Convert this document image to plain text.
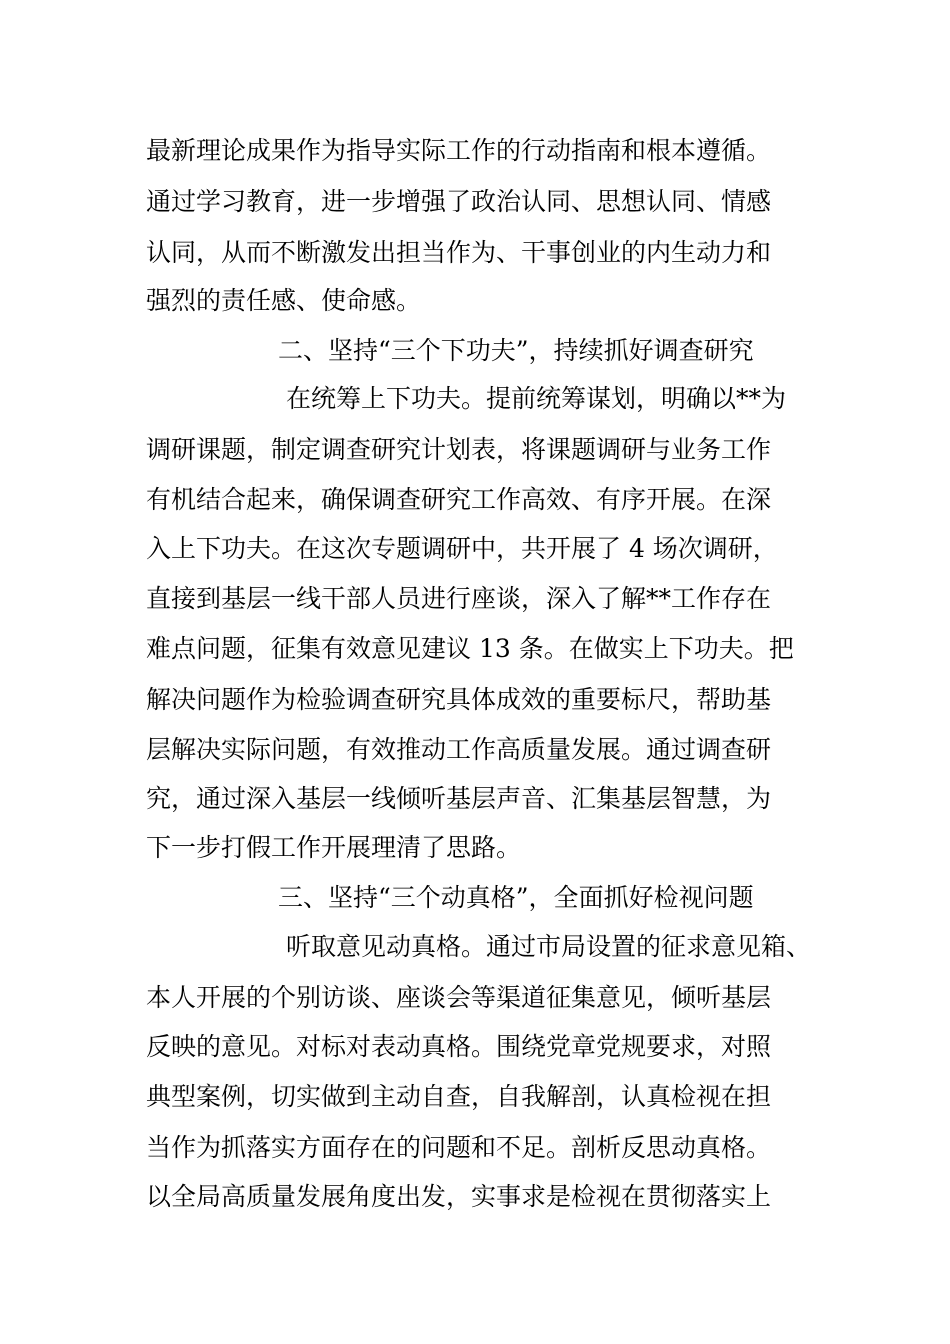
最新理论成果作为指导实际工作的行动指南和根本遵循。
通过学习教育，进一步增强了政治认同、思想认同、情感
认同，从而不断激发出担当作为、干事创业的内生动力和
强烈的责任感、使命感。
二、坚持“三个下功夫”，持续抓好调查研究
在统筹上下功夫。提前统筹谋划，明确以**为
调研课题，制定调查研究计划表，将课题调研与业务工作
有机结合起来，确保调查研究工作高效、有序开展。在深
入上下功夫。在这次专题调研中，共开展了 4 场次调研，
直接到基层一线干部人员进行座谈，深入了解**工作存在
难点问题，征集有效意见建议 13 条。在做实上下功夫。把
解决问题作为检验调查研究具体成效的重要标尺，帮助基
层解决实际问题，有效推动工作高质量发展。通过调查研
究，通过深入基层一线倾听基层声音、汇集基层智慧，为
下一步打假工作开展理清了思路。
三、坚持“三个动真格”，全面抓好检视问题
听取意见动真格。通过市局设置的征求意见箱、
本人开展的个别访谈、座谈会等渠道征集意见，倾听基层
反映的意见。对标对表动真格。围绕党章党规要求，对照
典型案例，切实做到主动自查，自我解剖，认真检视在担
当作为抓落实方面存在的问题和不足。剖析反思动真格。
以全局高质量发展角度出发，实事求是检视在贯彻落实上
